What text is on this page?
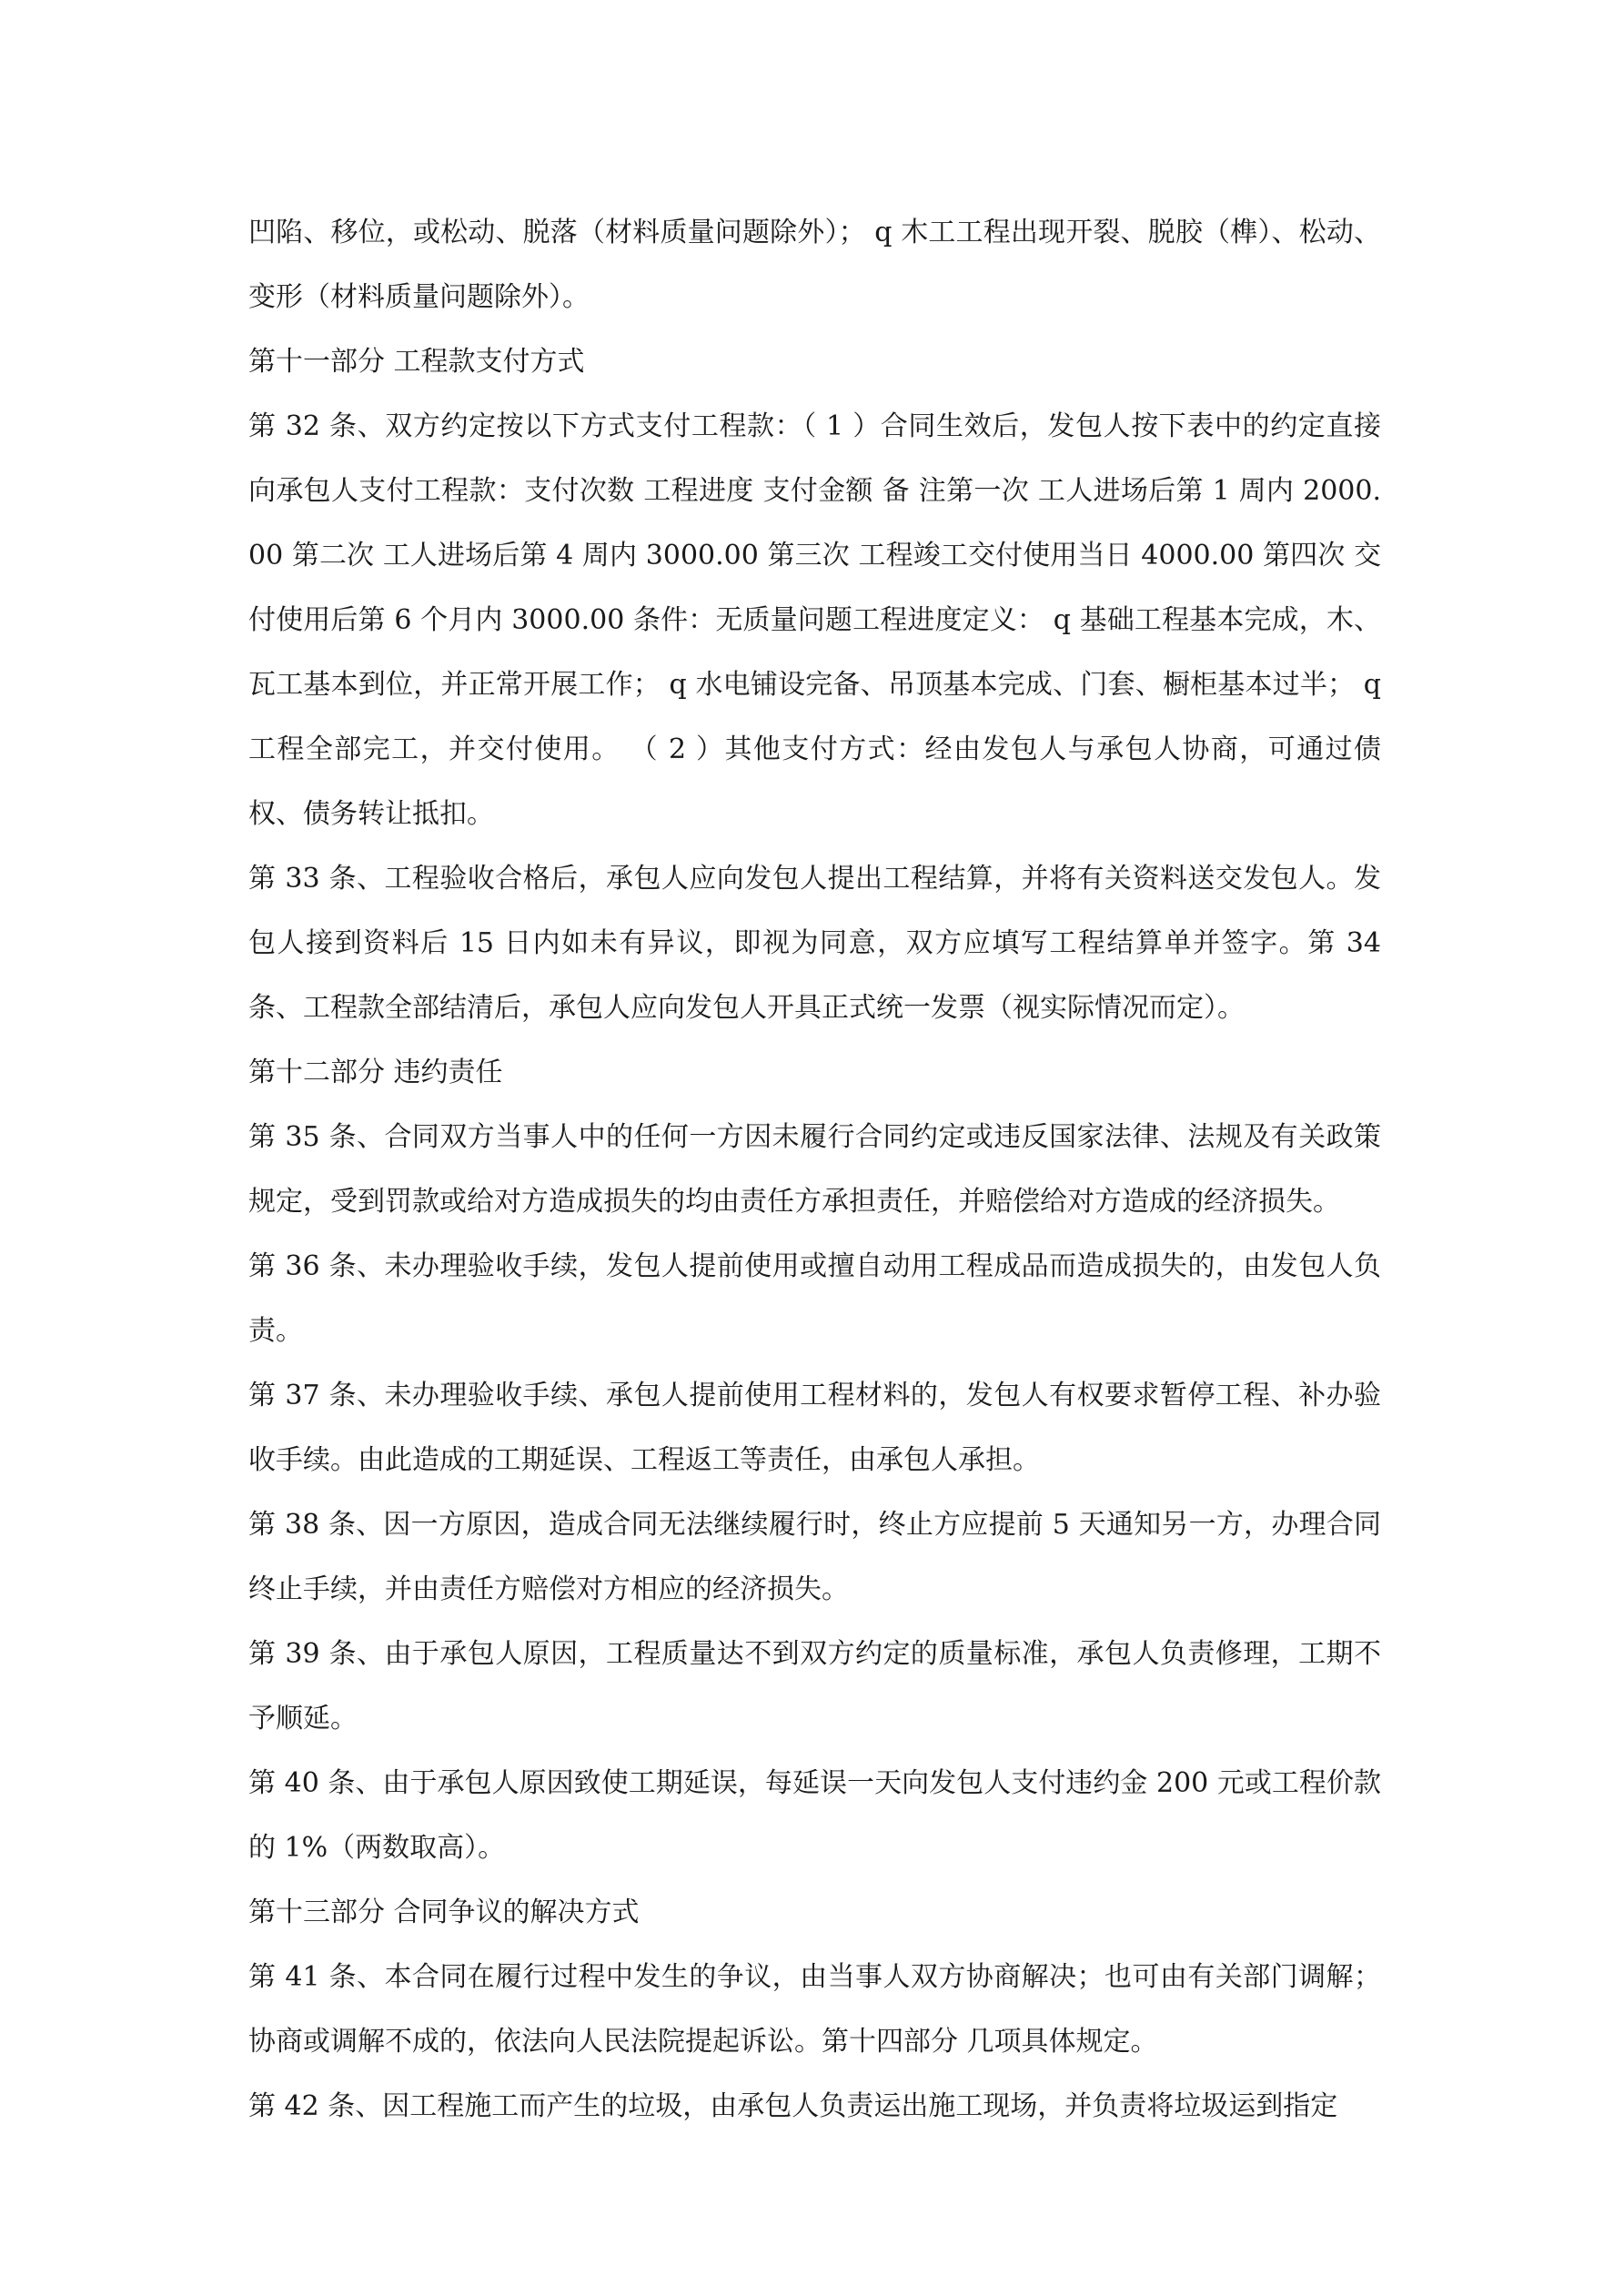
凹陷、移位，或松动、脱落（材料质量问题除外）； q 木工工程出现开裂、脱胶（榫）、松动、变形（材料质量问题除外）。

第十一部分 工程款支付方式

第 32 条、双方约定按以下方式支付工程款：（ 1 ）合同生效后，发包人按下表中的约定直接向承包人支付工程款：支付次数 工程进度 支付金额 备 注第一次 工人进场后第 1 周内 2000.00 第二次 工人进场后第 4 周内 3000.00 第三次 工程竣工交付使用当日 4000.00 第四次 交付使用后第 6 个月内 3000.00 条件：无质量问题工程进度定义： q 基础工程基本完成，木、瓦工基本到位，并正常开展工作； q 水电铺设完备、吊顶基本完成、门套、橱柜基本过半； q 工程全部完工，并交付使用。 （ 2 ）其他支付方式：经由发包人与承包人协商，可通过债权、债务转让抵扣。

第 33 条、工程验收合格后，承包人应向发包人提出工程结算，并将有关资料送交发包人。发包人接到资料后 15 日内如未有异议，即视为同意，双方应填写工程结算单并签字。第 34 条、工程款全部结清后，承包人应向发包人开具正式统一发票（视实际情况而定）。

第十二部分 违约责任

第 35 条、合同双方当事人中的任何一方因未履行合同约定或违反国家法律、法规及有关政策规定，受到罚款或给对方造成损失的均由责任方承担责任，并赔偿给对方造成的经济损失。

第 36 条、未办理验收手续，发包人提前使用或擅自动用工程成品而造成损失的，由发包人负责。

第 37 条、未办理验收手续、承包人提前使用工程材料的，发包人有权要求暂停工程、补办验收手续。由此造成的工期延误、工程返工等责任，由承包人承担。

第 38 条、因一方原因，造成合同无法继续履行时，终止方应提前 5 天通知另一方，办理合同终止手续，并由责任方赔偿对方相应的经济损失。

第 39 条、由于承包人原因，工程质量达不到双方约定的质量标准，承包人负责修理，工期不予顺延。

第 40 条、由于承包人原因致使工期延误，每延误一天向发包人支付违约金 200 元或工程价款的 1%（两数取高）。

第十三部分 合同争议的解决方式

第 41 条、本合同在履行过程中发生的争议，由当事人双方协商解决；也可由有关部门调解；协商或调解不成的，依法向人民法院提起诉讼。第十四部分 几项具体规定。

第 42 条、因工程施工而产生的垃圾，由承包人负责运出施工现场，并负责将垃圾运到指定
